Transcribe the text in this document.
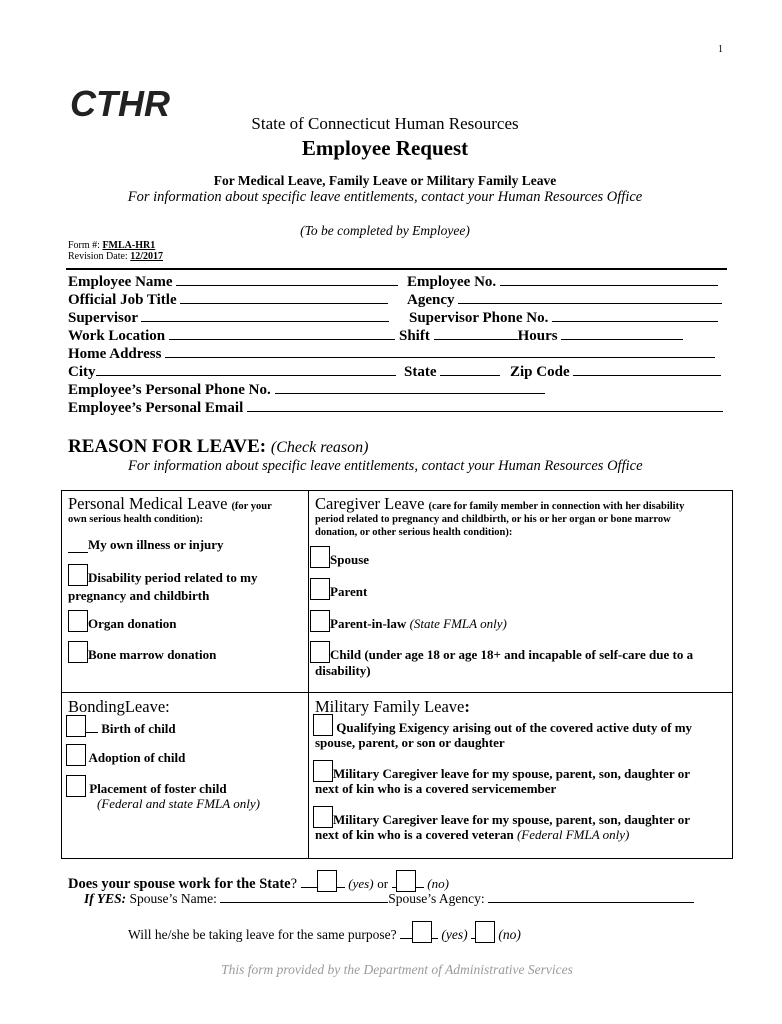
1
CTHR	State of Connecticut Human Resources
Employee Request
For Medical Leave, Family Leave or Military Family Leave
For information about specific leave entitlements, contact your Human Resources Office
(To be completed by Employee)
Form #: FMLA-HR1
Revision Date: 12/2017
Employee Name	Employee No.
Official Job Title	Agency
Supervisor	Supervisor Phone No.
Work Location	Shift	Hours
Home Address
City	State	Zip Code
Employee’s Personal Phone No.
Employee’s Personal Email
REASON FOR LEAVE: (Check reason)
For information about specific leave entitlements, contact your Human Resources Office
Personal Medical Leave (for your
own serious health condition):
My own illness or injury
Disability period related to my
pregnancy and childbirth
Organ donation
Bone marrow donation
Caregiver Leave (care for family member in connection with her disability
period related to pregnancy and childbirth, or his or her organ or bone marrow
donation, or other serious health condition):
Spouse
Parent
Parent-in-law (State FMLA only)
Child (under age 18 or age 18+ and incapable of self-care due to a
disability)
BondingLeave:
Birth of child
Adoption of child
Placement of foster child
(Federal and state FMLA only)
Military Family Leave:
Qualifying Exigency arising out of the covered active duty of my
spouse, parent, or son or daughter
Military Caregiver leave for my spouse, parent, son, daughter or
next of kin who is a covered servicemember
Military Caregiver leave for my spouse, parent, son, daughter or
next of kin who is a covered veteran (Federal FMLA only)
Does your spouse work for the State?	(yes) or	(no)
If YES: Spouse’s Name:	Spouse’s Agency:
Will he/she be taking leave for the same purpose?	(yes) (no)
This form provided by the Department of Administrative Services
